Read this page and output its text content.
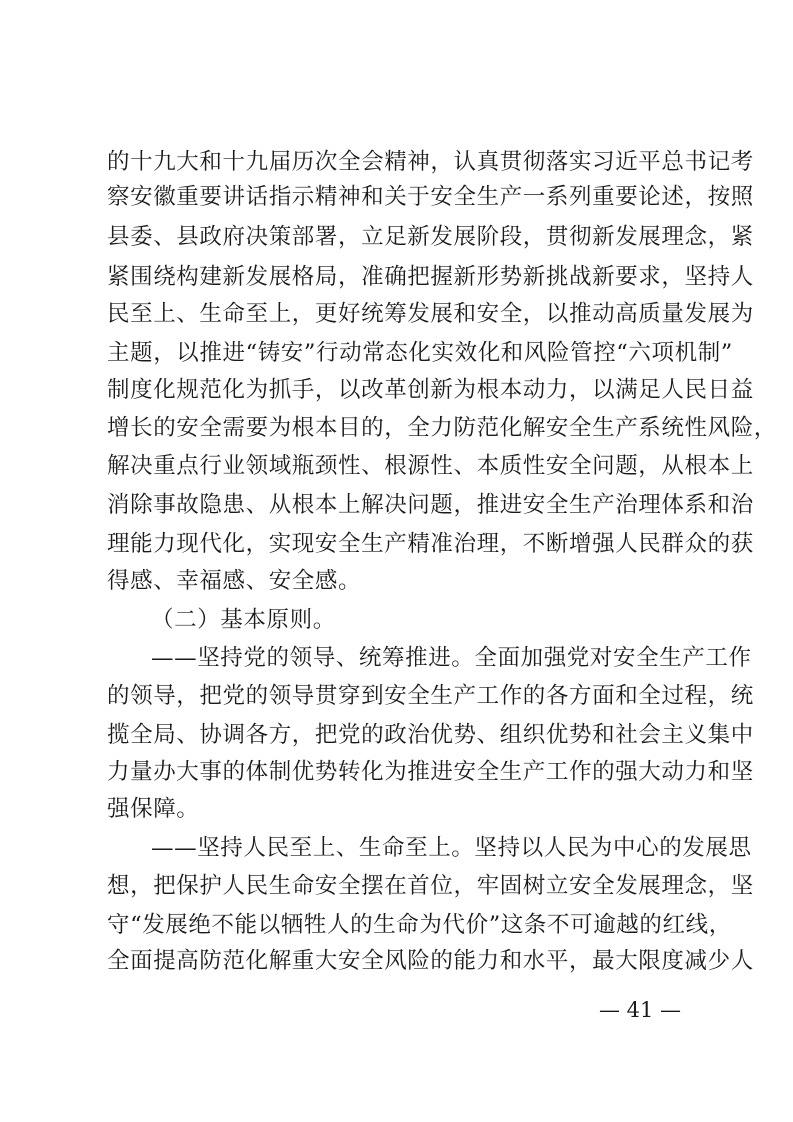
的十九大和十九届历次全会精神，认真贯彻落实习近平总书记考
察安徽重要讲话指示精神和关于安全生产一系列重要论述，按照
县委、县政府决策部署，立足新发展阶段，贯彻新发展理念，紧
紧围绕构建新发展格局，准确把握新形势新挑战新要求，坚持人
民至上、生命至上，更好统筹发展和安全，以推动高质量发展为
主题，以推进“铸安”行动常态化实效化和风险管控“六项机制”
制度化规范化为抓手，以改革创新为根本动力，以满足人民日益
增长的安全需要为根本目的，全力防范化解安全生产系统性风险，
解决重点行业领域瓶颈性、根源性、本质性安全问题，从根本上
消除事故隐患、从根本上解决问题，推进安全生产治理体系和治
理能力现代化，实现安全生产精准治理，不断增强人民群众的获
得感、幸福感、安全感。
（二）基本原则。
——坚持党的领导、统筹推进。全面加强党对安全生产工作
的领导，把党的领导贯穿到安全生产工作的各方面和全过程，统
揽全局、协调各方，把党的政治优势、组织优势和社会主义集中
力量办大事的体制优势转化为推进安全生产工作的强大动力和坚
强保障。
——坚持人民至上、生命至上。坚持以人民为中心的发展思
想，把保护人民生命安全摆在首位，牢固树立安全发展理念，坚
守“发展绝不能以牺牲人的生命为代价”这条不可逾越的红线，
全面提高防范化解重大安全风险的能力和水平，最大限度减少人
— 41 —
